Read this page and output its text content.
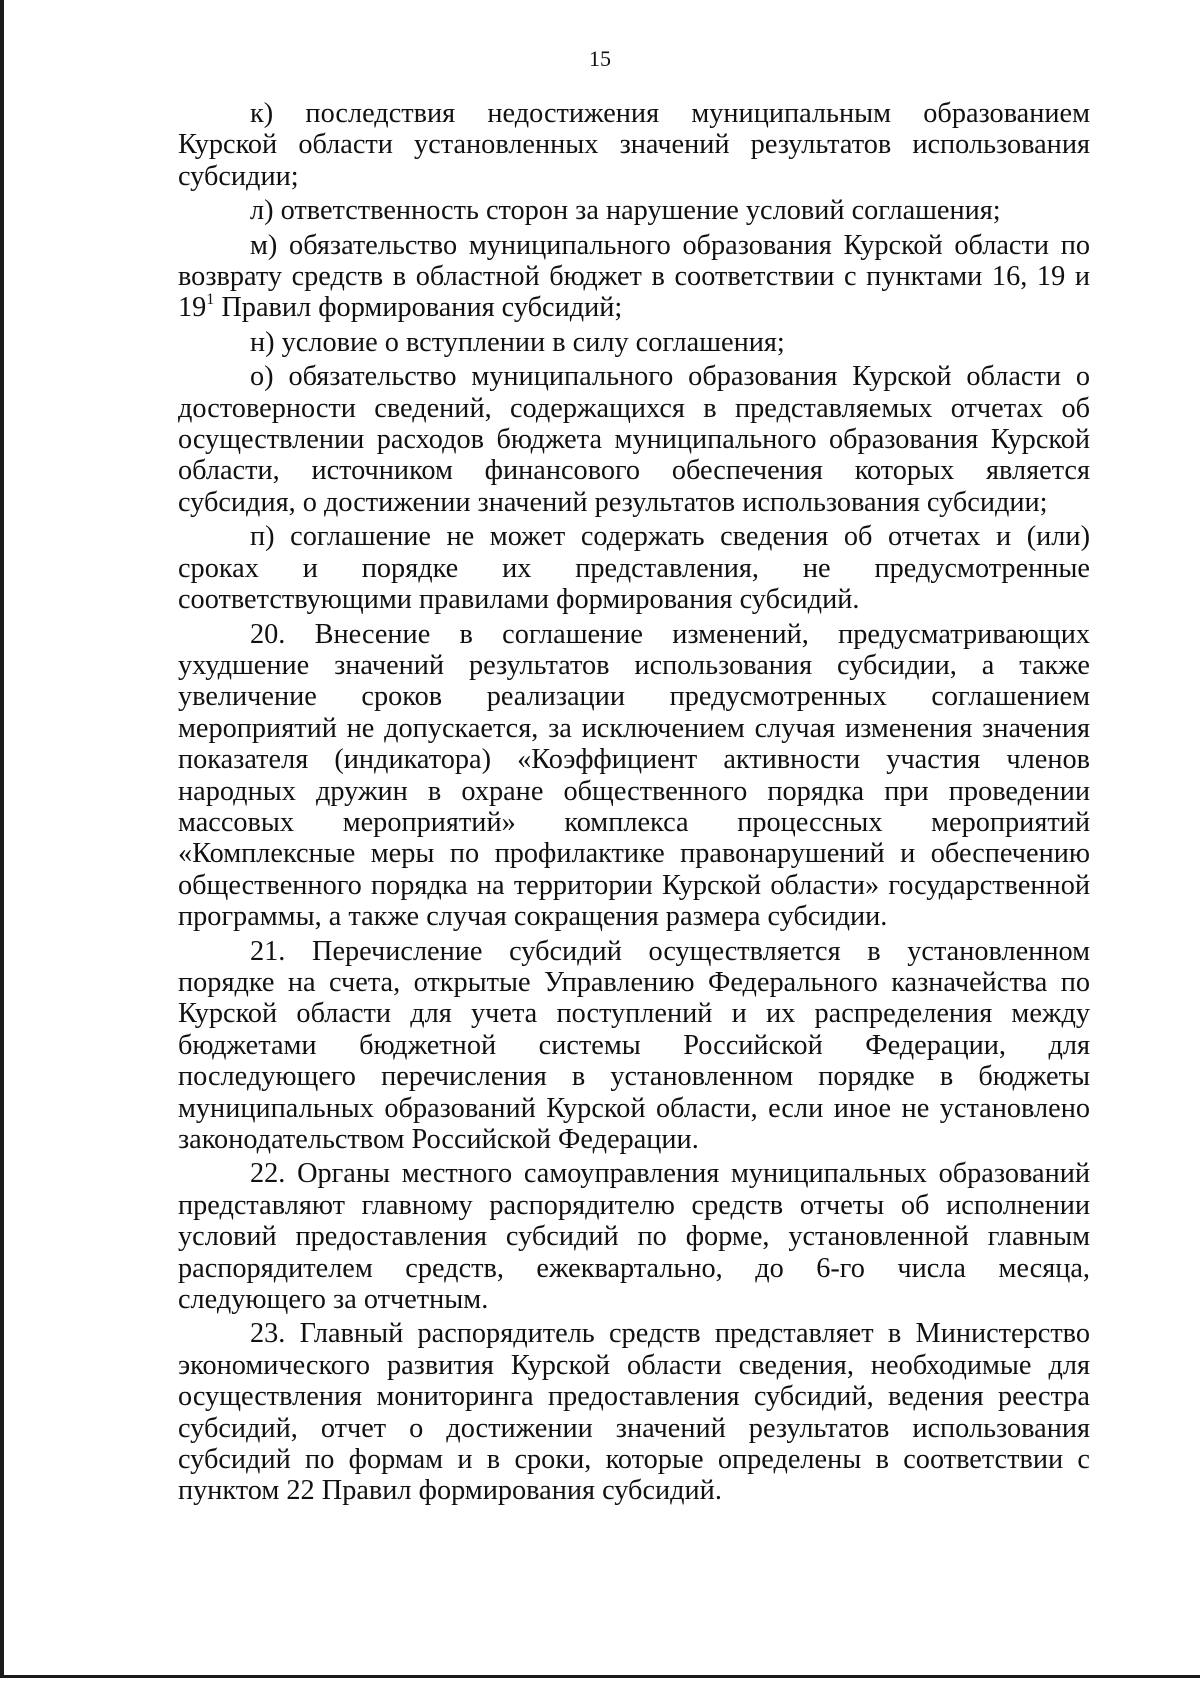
15

к) последствия недостижения муниципальным образованием Курской области установленных значений результатов использования субсидии;

л) ответственность сторон за нарушение условий соглашения;

м) обязательство муниципального образования Курской области по возврату средств в областной бюджет в соответствии с пунктами 16, 19 и $19^1$ Правил формирования субсидий;

н) условие о вступлении в силу соглашения;

о) обязательство муниципального образования Курской области о достоверности сведений, содержащихся в представляемых отчетах об осуществлении расходов бюджета муниципального образования Курской области, источником финансового обеспечения которых является субсидия, о достижении значений результатов использования субсидии;

п) соглашение не может содержать сведения об отчетах и (или) сроках и порядке их представления, не предусмотренные соответствующими правилами формирования субсидий.

20. Внесение в соглашение изменений, предусматривающих ухудшение значений результатов использования субсидии, а также увеличение сроков реализации предусмотренных соглашением мероприятий не допускается, за исключением случая изменения значения показателя (индикатора) «Коэффициент активности участия членов народных дружин в охране общественного порядка при проведении массовых мероприятий» комплекса процессных мероприятий «Комплексные меры по профилактике правонарушений и обеспечению общественного порядка на территории Курской области» государственной программы, а также случая сокращения размера субсидии.

21. Перечисление субсидий осуществляется в установленном порядке на счета, открытые Управлению Федерального казначейства по Курской области для учета поступлений и их распределения между бюджетами бюджетной системы Российской Федерации, для последующего перечисления в установленном порядке в бюджеты муниципальных образований Курской области, если иное не установлено законодательством Российской Федерации.

22. Органы местного самоуправления муниципальных образований представляют главному распорядителю средств отчеты об исполнении условий предоставления субсидий по форме, установленной главным распорядителем средств, ежеквартально, до 6-го числа месяца, следующего за отчетным.

23. Главный распорядитель средств представляет в Министерство экономического развития Курской области сведения, необходимые для осуществления мониторинга предоставления субсидий, ведения реестра субсидий, отчет о достижении значений результатов использования субсидий по формам и в сроки, которые определены в соответствии с пунктом 22 Правил формирования субсидий.
